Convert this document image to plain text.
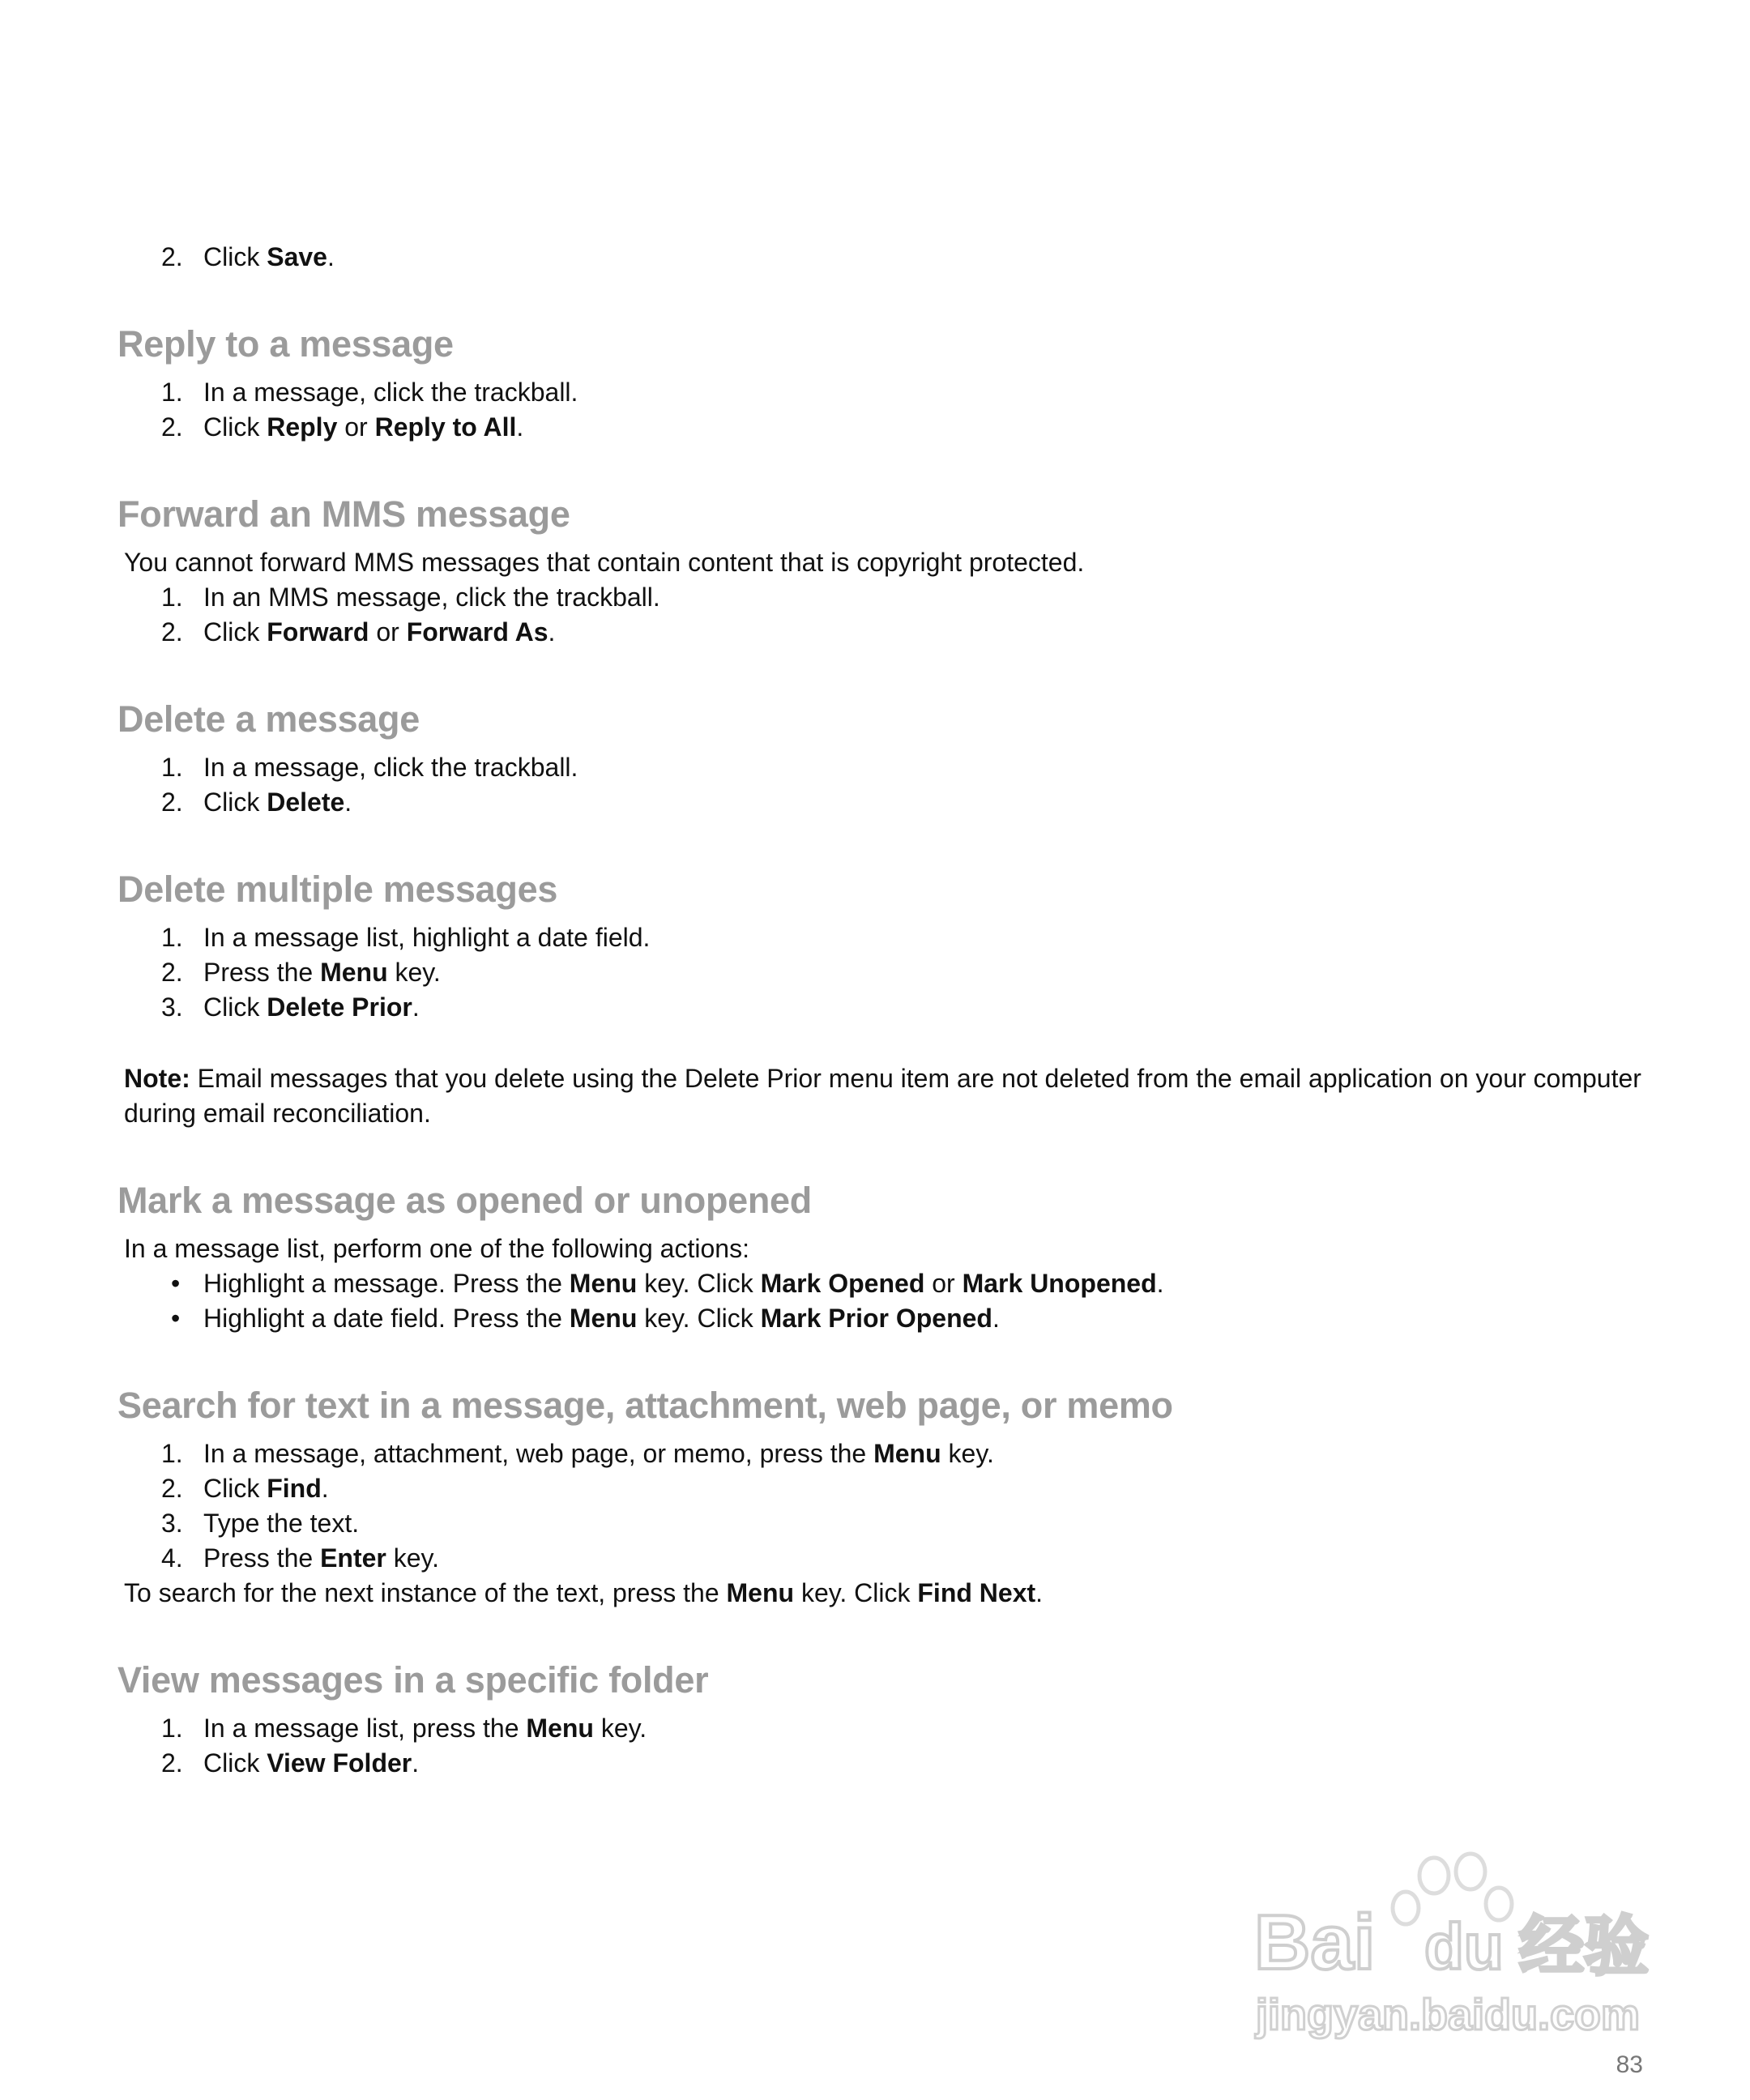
2. Click Save.
Reply to a message
1. In a message, click the trackball.
2. Click Reply or Reply to All.
Forward an MMS message

You cannot forward MMS messages that contain content that is copyright protected.

1. In an MMS message, click the trackball.
2. Click Forward or Forward As.
Delete a message
1. In a message, click the trackball.
2. Click Delete.
Delete multiple messages
1. In a message list, highlight a date field.
2. Press the Menu key.
3. Click Delete Prior.

Note: Email messages that you delete using the Delete Prior menu item are not deleted from the email application on your computer during email reconciliation.

Mark a message as opened or unopened

In a message list, perform one of the following actions:

• Highlight a message. Press the Menu key. Click Mark Opened or Mark Unopened.
• Highlight a date field. Press the Menu key. Click Mark Prior Opened.
Search for text in a message, attachment, web page, or memo
1. In a message, attachment, web page, or memo, press the Menu key.
2. Click Find.
3. Type the text.
4. Press the Enter key.

To search for the next instance of the text, press the Menu key. Click Find Next.

View messages in a specific folder
1. In a message list, press the Menu key.
2. Click View Folder.
Bai du 经验
jingyan.baidu.com
83
